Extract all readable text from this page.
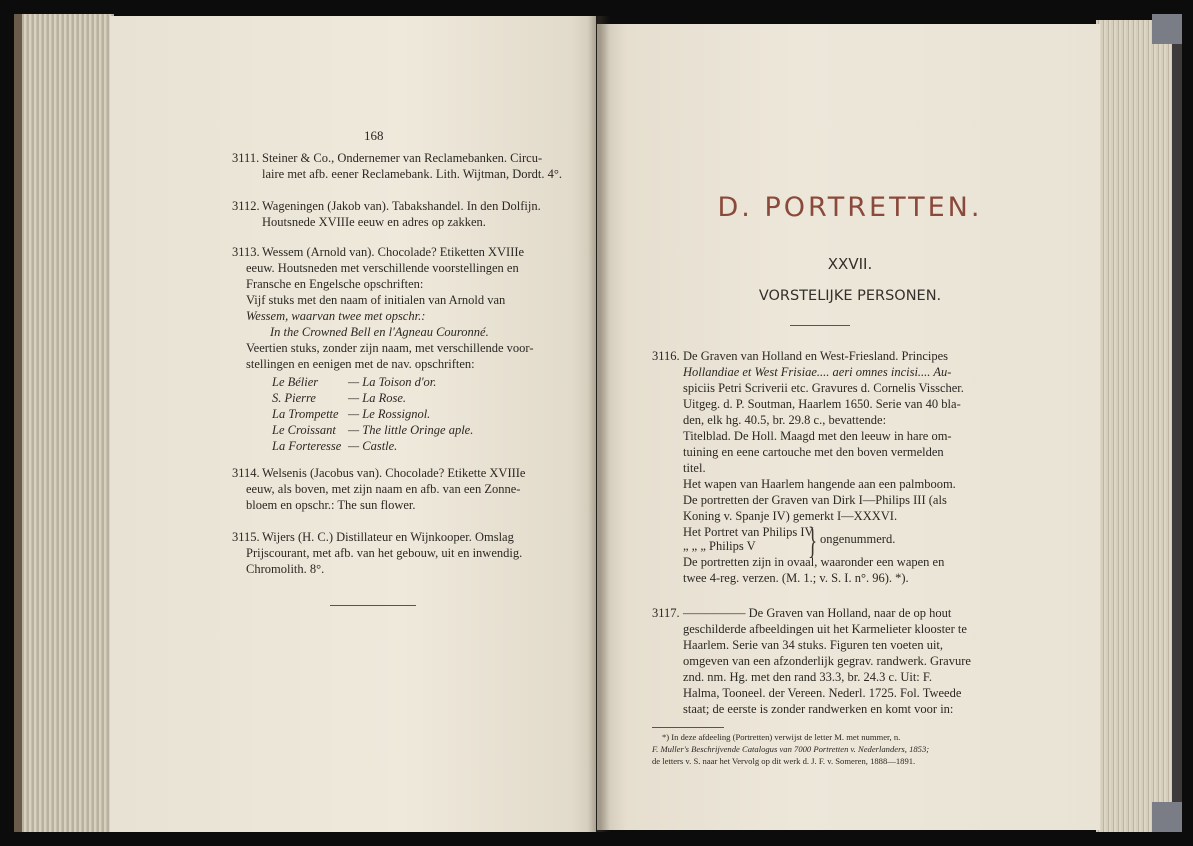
168
3111. Steiner & Co., Ondernemer van Reclamebanken. Circu-
laire met afb. eener Reclamebank. Lith. Wijtman, Dordt. 4°.
3112. Wageningen (Jakob van). Tabakshandel. In den Dolfijn.
Houtsnede XVIIIe eeuw en adres op zakken.
3113. Wessem (Arnold van). Chocolade? Etiketten XVIIIe
eeuw. Houtsneden met verschillende voorstellingen en
Fransche en Engelsche opschriften:
Vijf stuks met den naam of initialen van Arnold van
Wessem, waarvan twee met opschr.:
In the Crowned Bell en l'Agneau Couronné.
Veertien stuks, zonder zijn naam, met verschillende voor-
stellingen en eenigen met de nav. opschriften:
Le Bélier — La Toison d'or.
S. Pierre	— La Rose.
La Trompette — Le Rossignol.
Le Croissant — The little Oringe aple.
La Forteresse — Castle.
3114. Welsenis (Jacobus van). Chocolade? Etikette XVIIIe
eeuw, als boven, met zijn naam en afb. van een Zonne-
bloem en opschr.: The sun flower.
3115. Wijers (H. C.) Distillateur en Wijnkooper. Omslag
Prijscourant, met afb. van het gebouw, uit en inwendig.
Chromolith. 8°.
D. PORTRETTEN.
XXVII.
VORSTELIJKE PERSONEN.
3116. De Graven van Holland en West-Friesland. Principes
Hollandiae et West Frisiae.... aeri omnes incisi.... Au-
spiciis Petri Scriverii etc. Gravures d. Cornelis Visscher.
Uitgeg. d. P. Soutman, Haarlem 1650. Serie van 40 bla-
den, elk hg. 40.5, br. 29.8 c., bevattende:
Titelblad. De Holl. Maagd met den leeuw in hare om-
tuining en eene cartouche met den boven vermelden
titel.
Het wapen van Haarlem hangende aan een palmboom.
De portretten der Graven van Dirk I—Philips III (als
Koning v. Spanje IV) gemerkt I—XXXVI.
Het Portret van Philips IV
„ „ „ Philips V } ongenummerd.
De portretten zijn in ovaal, waaronder een wapen en
twee 4-reg. verzen. (M. 1.; v. S. I. n°. 96). *).
3117. ————— De Graven van Holland, naar de op hout
geschilderde afbeeldingen uit het Karmelieter klooster te
Haarlem. Serie van 34 stuks. Figuren ten voeten uit,
omgeven van een afzonderlijk gegrav. randwerk. Gravure
znd. nm. Hg. met den rand 33.3, br. 24.3 c. Uit: F.
Halma, Tooneel. der Vereen. Nederl. 1725. Fol. Tweede
staat; de eerste is zonder randwerken en komt voor in:
*) In deze afdeeling (Portretten) verwijst de letter M. met nummer, n.
F. Muller's Beschrijvende Catalogus van 7000 Portretten v. Nederlanders, 1853;
de letters v. S. naar het Vervolg op dit werk d. J. F. v. Someren, 1888—1891.
